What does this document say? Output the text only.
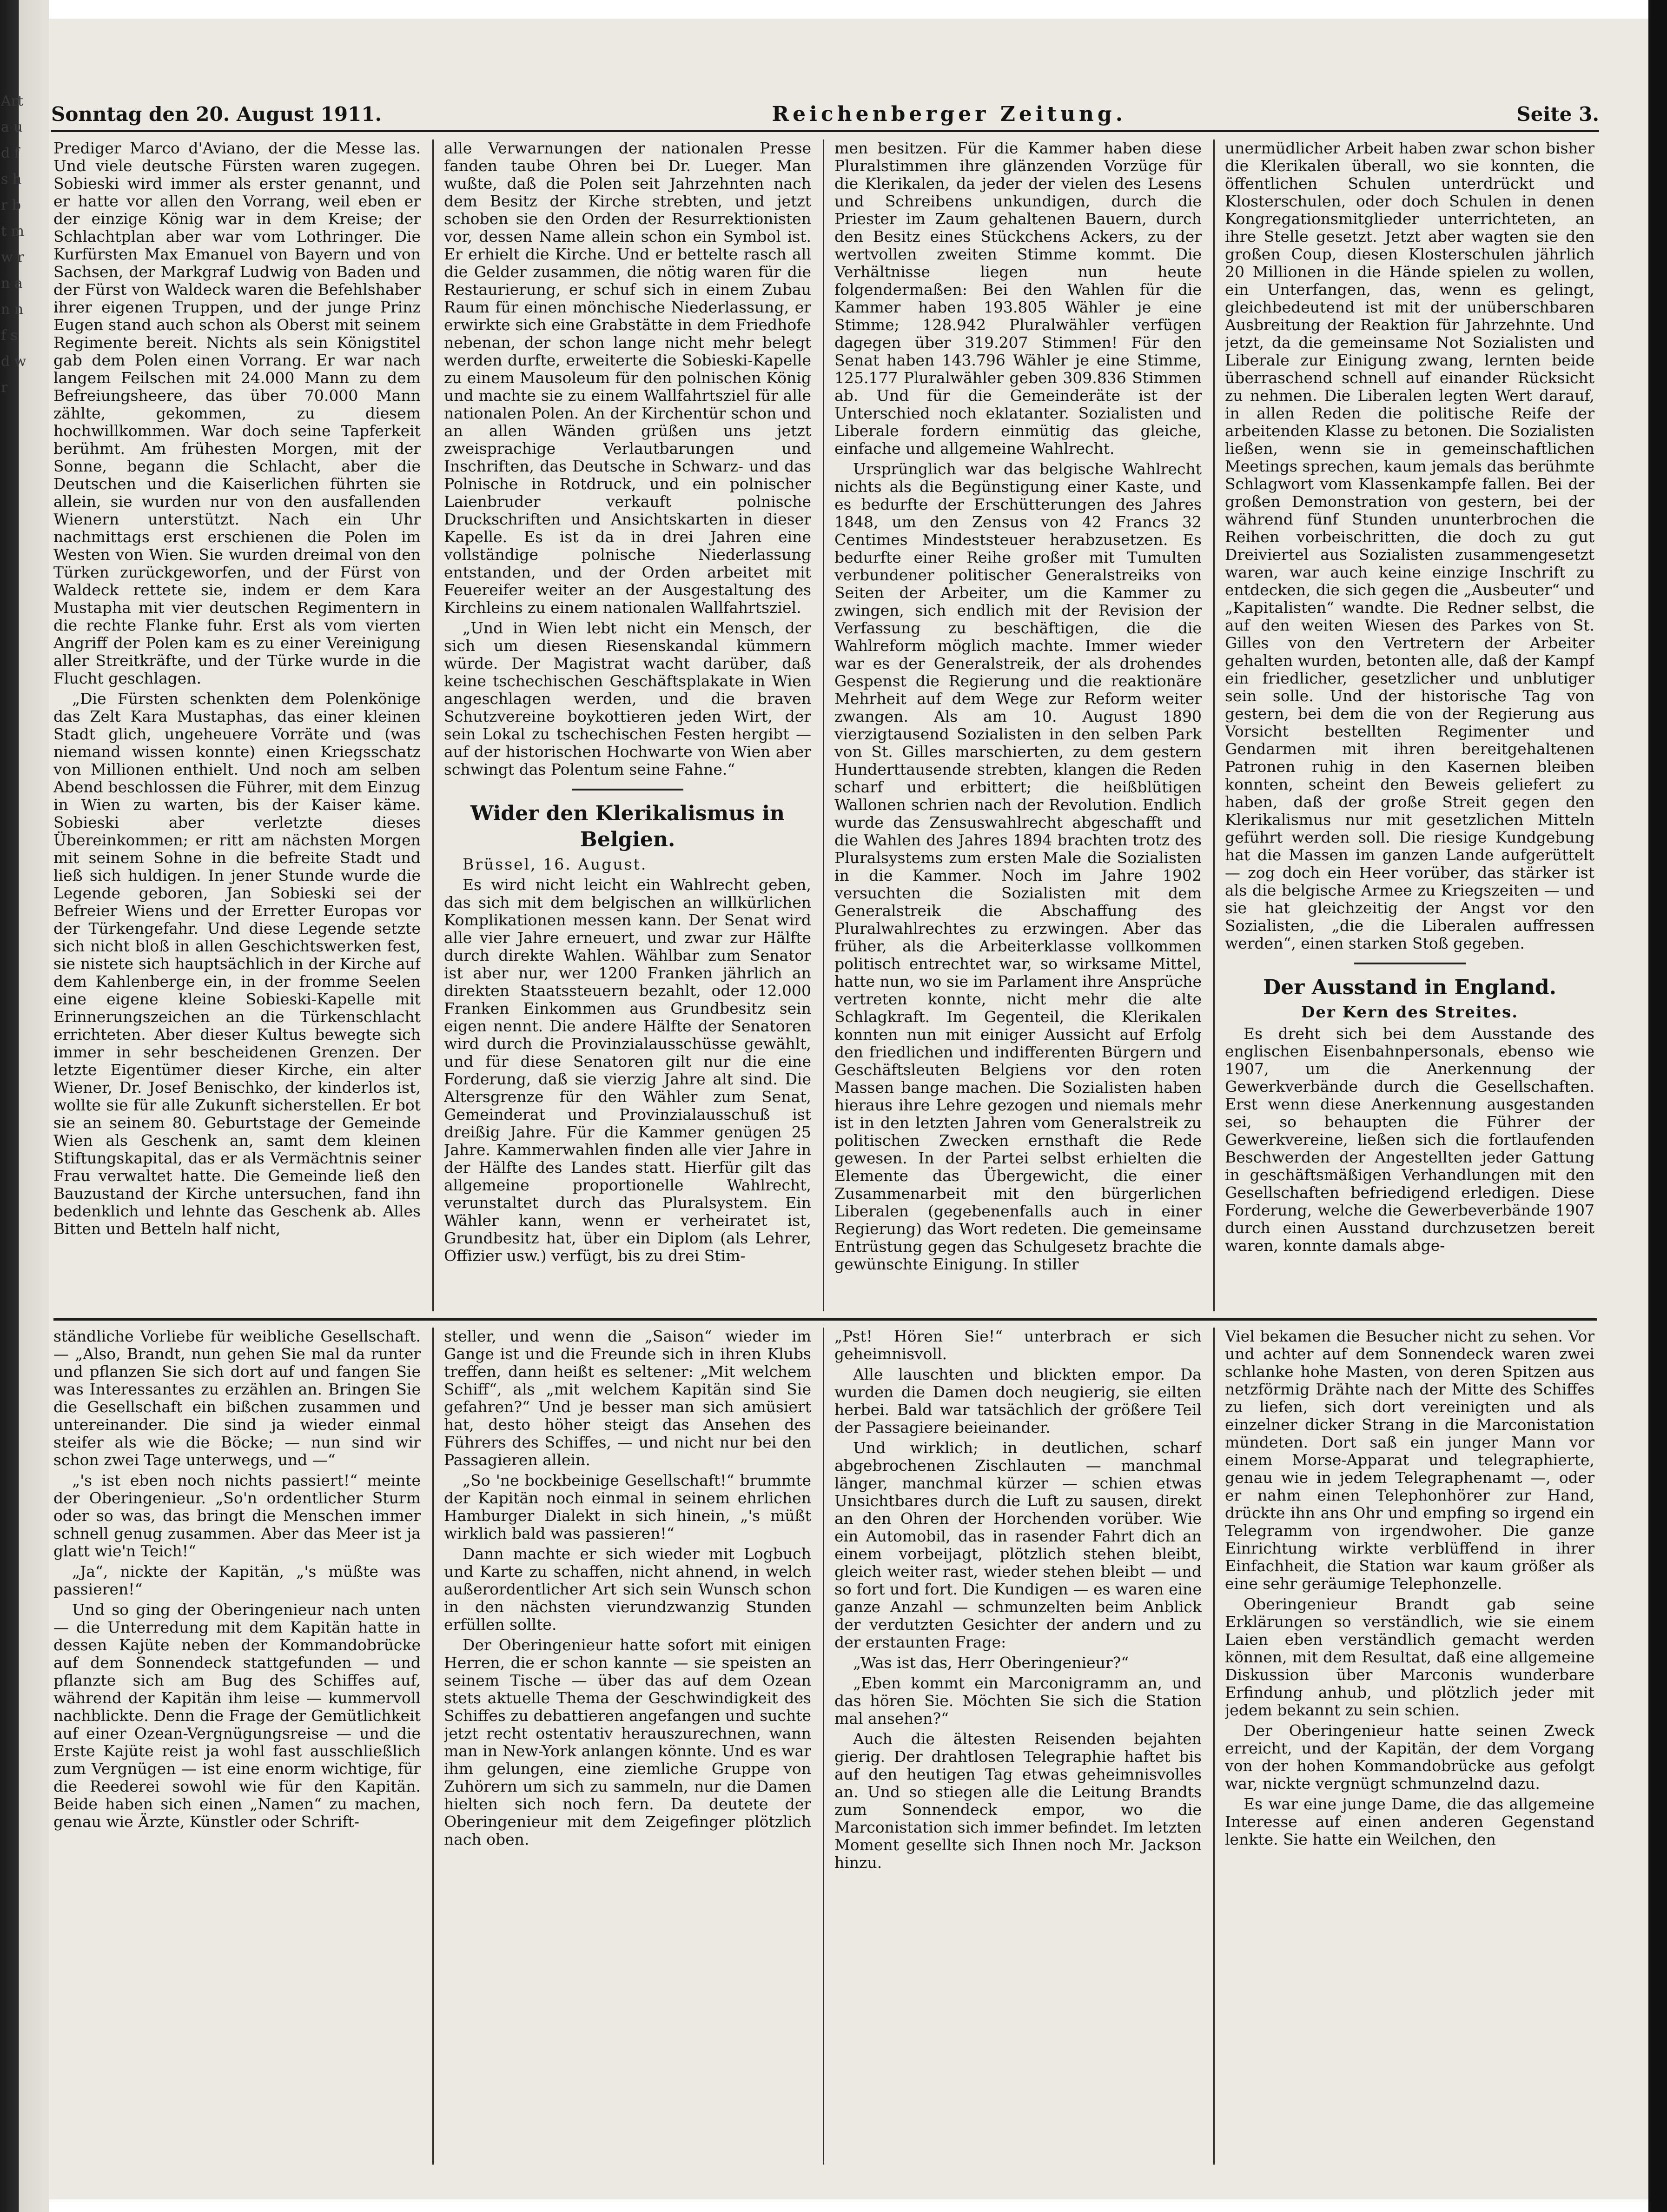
Art a u d f s h r b t m w r n a n n f s d w r
Sonntag den 20. August 1911.	Reichenberger Zeitung.	Seite 3.

Prediger Marco d'Aviano, der die Messe las. Und viele deutsche Fürsten waren zugegen. Sobieski wird immer als erster genannt, und er hatte vor allen den Vorrang, weil eben er der einzige König war in dem Kreise; der Schlachtplan aber war vom Lothringer. Die Kurfürsten Max Emanuel von Bayern und von Sachsen, der Markgraf Ludwig von Baden und der Fürst von Waldeck waren die Befehlshaber ihrer eigenen Truppen, und der junge Prinz Eugen stand auch schon als Oberst mit seinem Regimente bereit. Nichts als sein Königstitel gab dem Polen einen Vorrang. Er war nach langem Feilschen mit 24.000 Mann zu dem Befreiungsheere, das über 70.000 Mann zählte, gekommen, zu diesem hochwillkommen. War doch seine Tapferkeit berühmt. Am frühesten Morgen, mit der Sonne, begann die Schlacht, aber die Deutschen und die Kaiserlichen führten sie allein, sie wurden nur von den ausfallenden Wienern unterstützt. Nach ein Uhr nachmittags erst erschienen die Polen im Westen von Wien. Sie wurden dreimal von den Türken zurückgeworfen, und der Fürst von Waldeck rettete sie, indem er dem Kara Mustapha mit vier deutschen Regimentern in die rechte Flanke fuhr. Erst als vom vierten Angriff der Polen kam es zu einer Vereinigung aller Streitkräfte, und der Türke wurde in die Flucht geschlagen.

„Die Fürsten schenkten dem Polenkönige das Zelt Kara Mustaphas, das einer kleinen Stadt glich, ungeheuere Vorräte und (was niemand wissen konnte) einen Kriegsschatz von Millionen enthielt. Und noch am selben Abend beschlossen die Führer, mit dem Einzug in Wien zu warten, bis der Kaiser käme. Sobieski aber verletzte dieses Übereinkommen; er ritt am nächsten Morgen mit seinem Sohne in die befreite Stadt und ließ sich huldigen. In jener Stunde wurde die Legende geboren, Jan Sobieski sei der Befreier Wiens und der Erretter Europas vor der Türkengefahr. Und diese Legende setzte sich nicht bloß in allen Geschichtswerken fest, sie nistete sich hauptsächlich in der Kirche auf dem Kahlenberge ein, in der fromme Seelen eine eigene kleine Sobieski-Kapelle mit Erinnerungszeichen an die Türkenschlacht errichteten. Aber dieser Kultus bewegte sich immer in sehr bescheidenen Grenzen. Der letzte Eigentümer dieser Kirche, ein alter Wiener, Dr. Josef Benischko, der kinderlos ist, wollte sie für alle Zukunft sicherstellen. Er bot sie an seinem 80. Geburtstage der Gemeinde Wien als Geschenk an, samt dem kleinen Stiftungskapital, das er als Vermächtnis seiner Frau verwaltet hatte. Die Gemeinde ließ den Bauzustand der Kirche untersuchen, fand ihn bedenklich und lehnte das Geschenk ab. Alles Bitten und Betteln half nicht,

alle Verwarnungen der nationalen Presse fanden taube Ohren bei Dr. Lueger. Man wußte, daß die Polen seit Jahrzehnten nach dem Besitz der Kirche strebten, und jetzt schoben sie den Orden der Resurrektionisten vor, dessen Name allein schon ein Symbol ist. Er erhielt die Kirche. Und er bettelte rasch all die Gelder zusammen, die nötig waren für die Restaurierung, er schuf sich in einem Zubau Raum für einen mönchische Niederlassung, er erwirkte sich eine Grabstätte in dem Friedhofe nebenan, der schon lange nicht mehr belegt werden durfte, erweiterte die Sobieski-Kapelle zu einem Mausoleum für den polnischen König und machte sie zu einem Wallfahrtsziel für alle nationalen Polen. An der Kirchentür schon und an allen Wänden grüßen uns jetzt zweisprachige Verlautbarungen und Inschriften, das Deutsche in Schwarz- und das Polnische in Rotdruck, und ein polnischer Laienbruder verkauft polnische Druckschriften und Ansichtskarten in dieser Kapelle. Es ist da in drei Jahren eine vollständige polnische Niederlassung entstanden, und der Orden arbeitet mit Feuereifer weiter an der Ausgestaltung des Kirchleins zu einem nationalen Wallfahrtsziel.

„Und in Wien lebt nicht ein Mensch, der sich um diesen Riesenskandal kümmern würde. Der Magistrat wacht darüber, daß keine tschechischen Geschäftsplakate in Wien angeschlagen werden, und die braven Schutzvereine boykottieren jeden Wirt, der sein Lokal zu tschechischen Festen hergibt — auf der historischen Hochwarte von Wien aber schwingt das Polentum seine Fahne.“

Wider den Klerikalismus in Belgien.

Brüssel, 16. August.

Es wird nicht leicht ein Wahlrecht geben, das sich mit dem belgischen an willkürlichen Komplikationen messen kann. Der Senat wird alle vier Jahre erneuert, und zwar zur Hälfte durch direkte Wahlen. Wählbar zum Senator ist aber nur, wer 1200 Franken jährlich an direkten Staatssteuern bezahlt, oder 12.000 Franken Einkommen aus Grundbesitz sein eigen nennt. Die andere Hälfte der Senatoren wird durch die Provinzialausschüsse gewählt, und für diese Senatoren gilt nur die eine Forderung, daß sie vierzig Jahre alt sind. Die Altersgrenze für den Wähler zum Senat, Gemeinderat und Provinzialausschuß ist dreißig Jahre. Für die Kammer genügen 25 Jahre. Kammerwahlen finden alle vier Jahre in der Hälfte des Landes statt. Hierfür gilt das allgemeine proportionelle Wahlrecht, verunstaltet durch das Pluralsystem. Ein Wähler kann, wenn er verheiratet ist, Grundbesitz hat, über ein Diplom (als Lehrer, Offizier usw.) verfügt, bis zu drei Stim-

men besitzen. Für die Kammer haben diese Pluralstimmen ihre glänzenden Vorzüge für die Klerikalen, da jeder der vielen des Lesens und Schreibens unkundigen, durch die Priester im Zaum gehaltenen Bauern, durch den Besitz eines Stückchens Ackers, zu der wertvollen zweiten Stimme kommt. Die Verhältnisse liegen nun heute folgendermaßen: Bei den Wahlen für die Kammer haben 193.805 Wähler je eine Stimme; 128.942 Pluralwähler verfügen dagegen über 319.207 Stimmen! Für den Senat haben 143.796 Wähler je eine Stimme, 125.177 Pluralwähler geben 309.836 Stimmen ab. Und für die Gemeinderäte ist der Unterschied noch eklatanter. Sozialisten und Liberale fordern einmütig das gleiche, einfache und allgemeine Wahlrecht.

Ursprünglich war das belgische Wahlrecht nichts als die Begünstigung einer Kaste, und es bedurfte der Erschütterungen des Jahres 1848, um den Zensus von 42 Francs 32 Centimes Mindeststeuer herabzusetzen. Es bedurfte einer Reihe großer mit Tumulten verbundener politischer Generalstreiks von Seiten der Arbeiter, um die Kammer zu zwingen, sich endlich mit der Revision der Verfassung zu beschäftigen, die die Wahlreform möglich machte. Immer wieder war es der Generalstreik, der als drohendes Gespenst die Regierung und die reaktionäre Mehrheit auf dem Wege zur Reform weiter zwangen. Als am 10. August 1890 vierzigtausend Sozialisten in den selben Park von St. Gilles marschierten, zu dem gestern Hunderttausende strebten, klangen die Reden scharf und erbittert; die heißblütigen Wallonen schrien nach der Revolution. Endlich wurde das Zensuswahlrecht abgeschafft und die Wahlen des Jahres 1894 brachten trotz des Pluralsystems zum ersten Male die Sozialisten in die Kammer. Noch im Jahre 1902 versuchten die Sozialisten mit dem Generalstreik die Abschaffung des Pluralwahlrechtes zu erzwingen. Aber das früher, als die Arbeiterklasse vollkommen politisch entrechtet war, so wirksame Mittel, hatte nun, wo sie im Parlament ihre Ansprüche vertreten konnte, nicht mehr die alte Schlagkraft. Im Gegenteil, die Klerikalen konnten nun mit einiger Aussicht auf Erfolg den friedlichen und indifferenten Bürgern und Geschäftsleuten Belgiens vor den roten Massen bange machen. Die Sozialisten haben hieraus ihre Lehre gezogen und niemals mehr ist in den letzten Jahren vom Generalstreik zu politischen Zwecken ernsthaft die Rede gewesen. In der Partei selbst erhielten die Elemente das Übergewicht, die einer Zusammenarbeit mit den bürgerlichen Liberalen (gegebenenfalls auch in einer Regierung) das Wort redeten. Die gemeinsame Entrüstung gegen das Schulgesetz brachte die gewünschte Einigung. In stiller

unermüdlicher Arbeit haben zwar schon bisher die Klerikalen überall, wo sie konnten, die öffentlichen Schulen unterdrückt und Klosterschulen, oder doch Schulen in denen Kongregationsmitglieder unterrichteten, an ihre Stelle gesetzt. Jetzt aber wagten sie den großen Coup, diesen Klosterschulen jährlich 20 Millionen in die Hände spielen zu wollen, ein Unterfangen, das, wenn es gelingt, gleichbedeutend ist mit der unüberschbaren Ausbreitung der Reaktion für Jahrzehnte. Und jetzt, da die gemeinsame Not Sozialisten und Liberale zur Einigung zwang, lernten beide überraschend schnell auf einander Rücksicht zu nehmen. Die Liberalen legten Wert darauf, in allen Reden die politische Reife der arbeitenden Klasse zu betonen. Die Sozialisten ließen, wenn sie in gemeinschaftlichen Meetings sprechen, kaum jemals das berühmte Schlagwort vom Klassenkampfe fallen. Bei der großen Demonstration von gestern, bei der während fünf Stunden ununterbrochen die Reihen vorbeischritten, die doch zu gut Dreiviertel aus Sozialisten zusammengesetzt waren, war auch keine einzige Inschrift zu entdecken, die sich gegen die „Ausbeuter“ und „Kapitalisten“ wandte. Die Redner selbst, die auf den weiten Wiesen des Parkes von St. Gilles von den Vertretern der Arbeiter gehalten wurden, betonten alle, daß der Kampf ein friedlicher, gesetzlicher und unblutiger sein solle. Und der historische Tag von gestern, bei dem die von der Regierung aus Vorsicht bestellten Regimenter und Gendarmen mit ihren bereitgehaltenen Patronen ruhig in den Kasernen bleiben konnten, scheint den Beweis geliefert zu haben, daß der große Streit gegen den Klerikalismus nur mit gesetzlichen Mitteln geführt werden soll. Die riesige Kundgebung hat die Massen im ganzen Lande aufgerüttelt — zog doch ein Heer vorüber, das stärker ist als die belgische Armee zu Kriegszeiten — und sie hat gleichzeitig der Angst vor den Sozialisten, „die die Liberalen auffressen werden“, einen starken Stoß gegeben.

Der Ausstand in England.
Der Kern des Streites.

Es dreht sich bei dem Ausstande des englischen Eisenbahnpersonals, ebenso wie 1907, um die Anerkennung der Gewerkverbände durch die Gesellschaften. Erst wenn diese Anerkennung ausgestanden sei, so behaupten die Führer der Gewerkvereine, ließen sich die fortlaufenden Beschwerden der Angestellten jeder Gattung in geschäftsmäßigen Verhandlungen mit den Gesellschaften befriedigend erledigen. Diese Forderung, welche die Gewerbeverbände 1907 durch einen Ausstand durchzusetzen bereit waren, konnte damals abge-

ständliche Vorliebe für weibliche Gesellschaft. — „Also, Brandt, nun gehen Sie mal da runter und pflanzen Sie sich dort auf und fangen Sie was Interessantes zu erzählen an. Bringen Sie die Gesellschaft ein bißchen zusammen und untereinander. Die sind ja wieder einmal steifer als wie die Böcke; — nun sind wir schon zwei Tage unterwegs, und —“

„'s ist eben noch nichts passiert!“ meinte der Oberingenieur. „So'n ordentlicher Sturm oder so was, das bringt die Menschen immer schnell genug zusammen. Aber das Meer ist ja glatt wie'n Teich!“

„Ja“, nickte der Kapitän, „'s müßte was passieren!“

Und so ging der Oberingenieur nach unten — die Unterredung mit dem Kapitän hatte in dessen Kajüte neben der Kommandobrücke auf dem Sonnendeck stattgefunden — und pflanzte sich am Bug des Schiffes auf, während der Kapitän ihm leise — kummervoll nachblickte. Denn die Frage der Gemütlichkeit auf einer Ozean-Vergnügungsreise — und die Erste Kajüte reist ja wohl fast ausschließlich zum Vergnügen — ist eine enorm wichtige, für die Reederei sowohl wie für den Kapitän. Beide haben sich einen „Namen“ zu machen, genau wie Ärzte, Künstler oder Schrift-

steller, und wenn die „Saison“ wieder im Gange ist und die Freunde sich in ihren Klubs treffen, dann heißt es seltener: „Mit welchem Schiff“, als „mit welchem Kapitän sind Sie gefahren?“ Und je besser man sich amüsiert hat, desto höher steigt das Ansehen des Führers des Schiffes, — und nicht nur bei den Passagieren allein.

„So 'ne bockbeinige Gesellschaft!“ brummte der Kapitän noch einmal in seinem ehrlichen Hamburger Dialekt in sich hinein, „'s müßt wirklich bald was passieren!“

Dann machte er sich wieder mit Logbuch und Karte zu schaffen, nicht ahnend, in welch außerordentlicher Art sich sein Wunsch schon in den nächsten vierundzwanzig Stunden erfüllen sollte.

Der Oberingenieur hatte sofort mit einigen Herren, die er schon kannte — sie speisten an seinem Tische — über das auf dem Ozean stets aktuelle Thema der Geschwindigkeit des Schiffes zu debattieren angefangen und suchte jetzt recht ostentativ herauszurechnen, wann man in New-York anlangen könnte. Und es war ihm gelungen, eine ziemliche Gruppe von Zuhörern um sich zu sammeln, nur die Damen hielten sich noch fern. Da deutete der Oberingenieur mit dem Zeigefinger plötzlich nach oben.

„Pst! Hören Sie!“ unterbrach er sich geheimnisvoll.

Alle lauschten und blickten empor. Da wurden die Damen doch neugierig, sie eilten herbei. Bald war tatsächlich der größere Teil der Passagiere beieinander.

Und wirklich; in deutlichen, scharf abgebrochenen Zischlauten — manchmal länger, manchmal kürzer — schien etwas Unsichtbares durch die Luft zu sausen, direkt an den Ohren der Horchenden vorüber. Wie ein Automobil, das in rasender Fahrt dich an einem vorbeijagt, plötzlich stehen bleibt, gleich weiter rast, wieder stehen bleibt — und so fort und fort. Die Kundigen — es waren eine ganze Anzahl — schmunzelten beim Anblick der verdutzten Gesichter der andern und zu der erstaunten Frage:

„Was ist das, Herr Oberingenieur?“

„Eben kommt ein Marconigramm an, und das hören Sie. Möchten Sie sich die Station mal ansehen?“

Auch die ältesten Reisenden bejahten gierig. Der drahtlosen Telegraphie haftet bis auf den heutigen Tag etwas geheimnisvolles an. Und so stiegen alle die Leitung Brandts zum Sonnendeck empor, wo die Marconistation sich immer befindet. Im letzten Moment gesellte sich Ihnen noch Mr. Jackson hinzu.

Viel bekamen die Besucher nicht zu sehen. Vor und achter auf dem Sonnendeck waren zwei schlanke hohe Masten, von deren Spitzen aus netzförmig Drähte nach der Mitte des Schiffes zu liefen, sich dort vereinigten und als einzelner dicker Strang in die Marconistation mündeten. Dort saß ein junger Mann vor einem Morse-Apparat und telegraphierte, genau wie in jedem Telegraphenamt —, oder er nahm einen Telephonhörer zur Hand, drückte ihn ans Ohr und empfing so irgend ein Telegramm von irgendwoher. Die ganze Einrichtung wirkte verblüffend in ihrer Einfachheit, die Station war kaum größer als eine sehr geräumige Telephonzelle.

Oberingenieur Brandt gab seine Erklärungen so verständlich, wie sie einem Laien eben verständlich gemacht werden können, mit dem Resultat, daß eine allgemeine Diskussion über Marconis wunderbare Erfindung anhub, und plötzlich jeder mit jedem bekannt zu sein schien.

Der Oberingenieur hatte seinen Zweck erreicht, und der Kapitän, der dem Vorgang von der hohen Kommandobrücke aus gefolgt war, nickte vergnügt schmunzelnd dazu.

Es war eine junge Dame, die das allgemeine Interesse auf einen anderen Gegenstand lenkte. Sie hatte ein Weilchen, den
